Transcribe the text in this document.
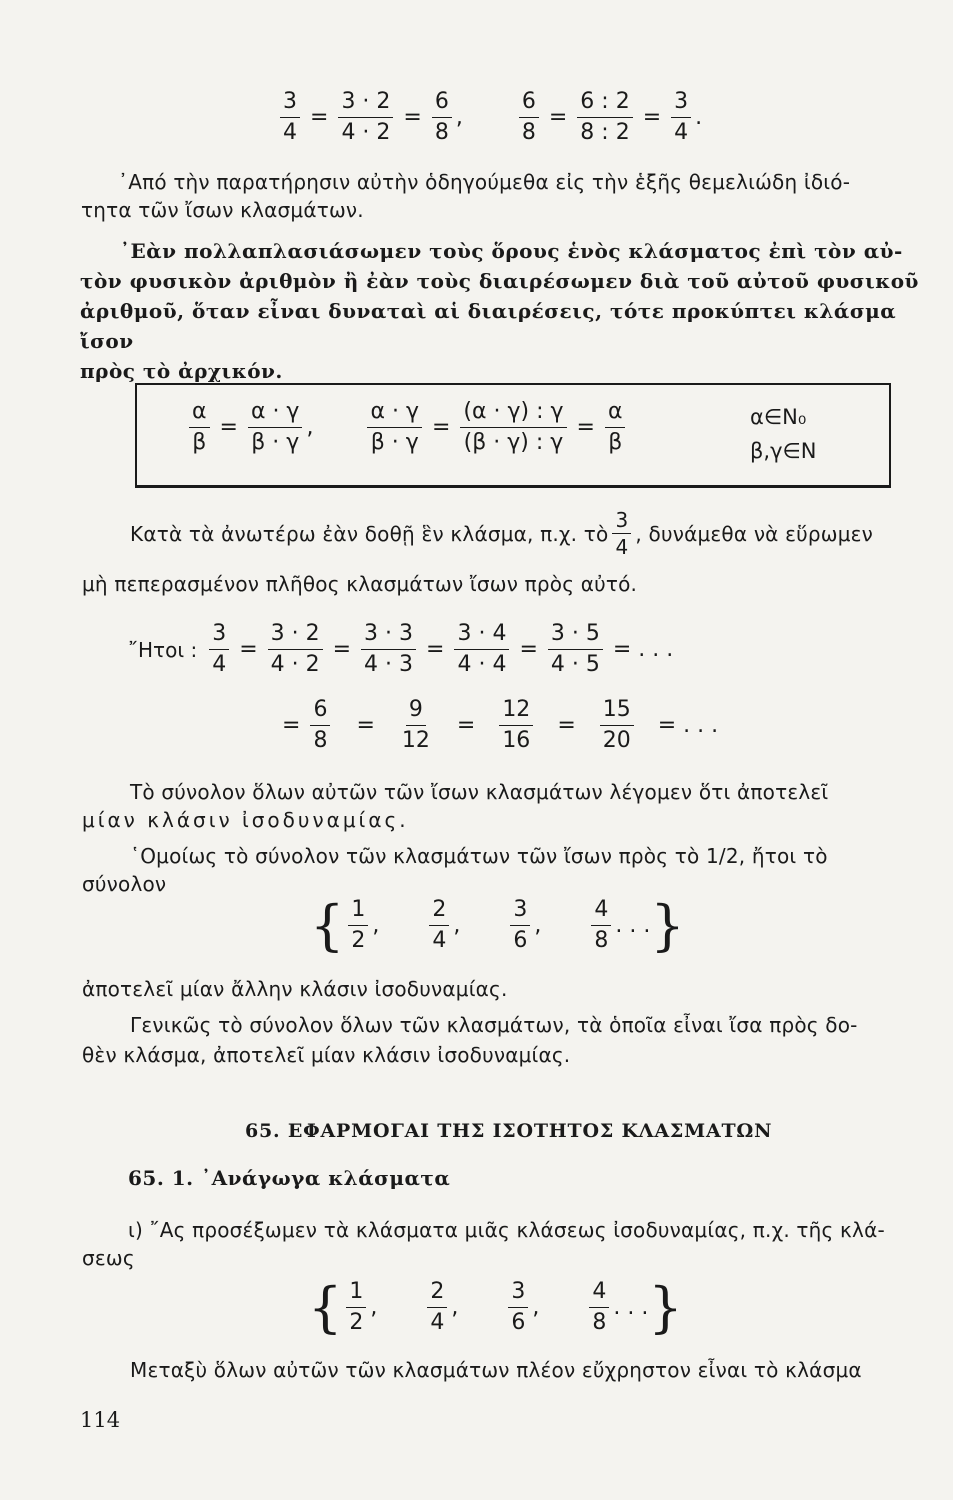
$\frac{3}{4} = \frac{3 \cdot 2}{4 \cdot 2} = \frac{6}{8}$ ,	$\frac{6}{8} = \frac{6 : 2}{8 : 2} = \frac{3}{4}$ .
᾿Από τὴν παρατήρησιν αὐτὴν ὁδηγούμεθα εἰς τὴν ἑξῆς θεμελιώδη ἰδιό-
τητα τῶν ἴσων κλασμάτων.
᾿Εὰν πολλαπλασιάσωμεν τοὺς ὅρους ἑνὸς κλάσματος ἐπὶ τὸν αὐ-
τὸν φυσικὸν ἀριθμὸν ἢ ἐὰν τοὺς διαιρέσωμεν διὰ τοῦ αὐτοῦ φυσικοῦ
ἀριθμοῦ, ὅταν εἶναι δυναταὶ αἱ διαιρέσεις, τότε προκύπτει κλάσμα ἴσον
πρὸς τὸ ἀρχικόν.
$\frac{\alpha}{\beta} = \frac{\alpha \cdot \gamma}{\beta \cdot \gamma}$ , $\frac{\alpha \cdot \gamma}{\beta \cdot \gamma} = \frac{(\alpha \cdot \gamma) : \gamma}{(\beta \cdot \gamma) : \gamma} = \frac{\alpha}{\beta}$	α∈N₀
β,γ∈N
Κατὰ τὰ ἀνωτέρω ἐὰν δοθῇ ἓν κλάσμα, π.χ. τὸ $\frac{3}{4}$ , δυνάμεθα νὰ εὕρωμεν
μὴ πεπερασμένον πλῆθος κλασμάτων ἴσων πρὸς αὐτό.
῎Ητοι : $\frac{3}{4} = \frac{3 \cdot 2}{4 \cdot 2} = \frac{3 \cdot 3}{4 \cdot 3} = \frac{3 \cdot 4}{4 \cdot 4} = \frac{3 \cdot 5}{4 \cdot 5}$ = . . .
= $\frac{6}{8} = \frac{9}{12} = \frac{12}{16} = \frac{15}{20}$ = . . .
Τὸ σύνολον ὅλων αὐτῶν τῶν ἴσων κλασμάτων λέγομεν ὅτι ἀποτελεῖ
μίαν κλάσιν ἰσοδυναμίας.
῾Ομοίως τὸ σύνολον τῶν κλασμάτων τῶν ἴσων πρὸς τὸ 1/2, ἤτοι τὸ
σύνολον
{ $\frac{1}{2}$ , $\frac{2}{4}$ , $\frac{3}{6}$ , $\frac{4}{8}$ . . . }
ἀποτελεῖ μίαν ἄλλην κλάσιν ἰσοδυναμίας.
Γενικῶς τὸ σύνολον ὅλων τῶν κλασμάτων, τὰ ὁποῖα εἶναι ἴσα πρὸς δο-
θὲν κλάσμα, ἀποτελεῖ μίαν κλάσιν ἰσοδυναμίας.
65. ΕΦΑΡΜΟΓΑΙ ΤΗΣ ΙΣΟΤΗΤΟΣ ΚΛΑΣΜΑΤΩΝ
65. 1. ᾿Ανάγωγα κλάσματα
ι) ῎Ας προσέξωμεν τὰ κλάσματα μιᾶς κλάσεως ἰσοδυναμίας, π.χ. τῆς κλά-
σεως
{ $\frac{1}{2}$ , $\frac{2}{4}$ , $\frac{3}{6}$ , $\frac{4}{8}$ . . . }
Μεταξὺ ὅλων αὐτῶν τῶν κλασμάτων πλέον εὔχρηστον εἶναι τὸ κλάσμα
114
